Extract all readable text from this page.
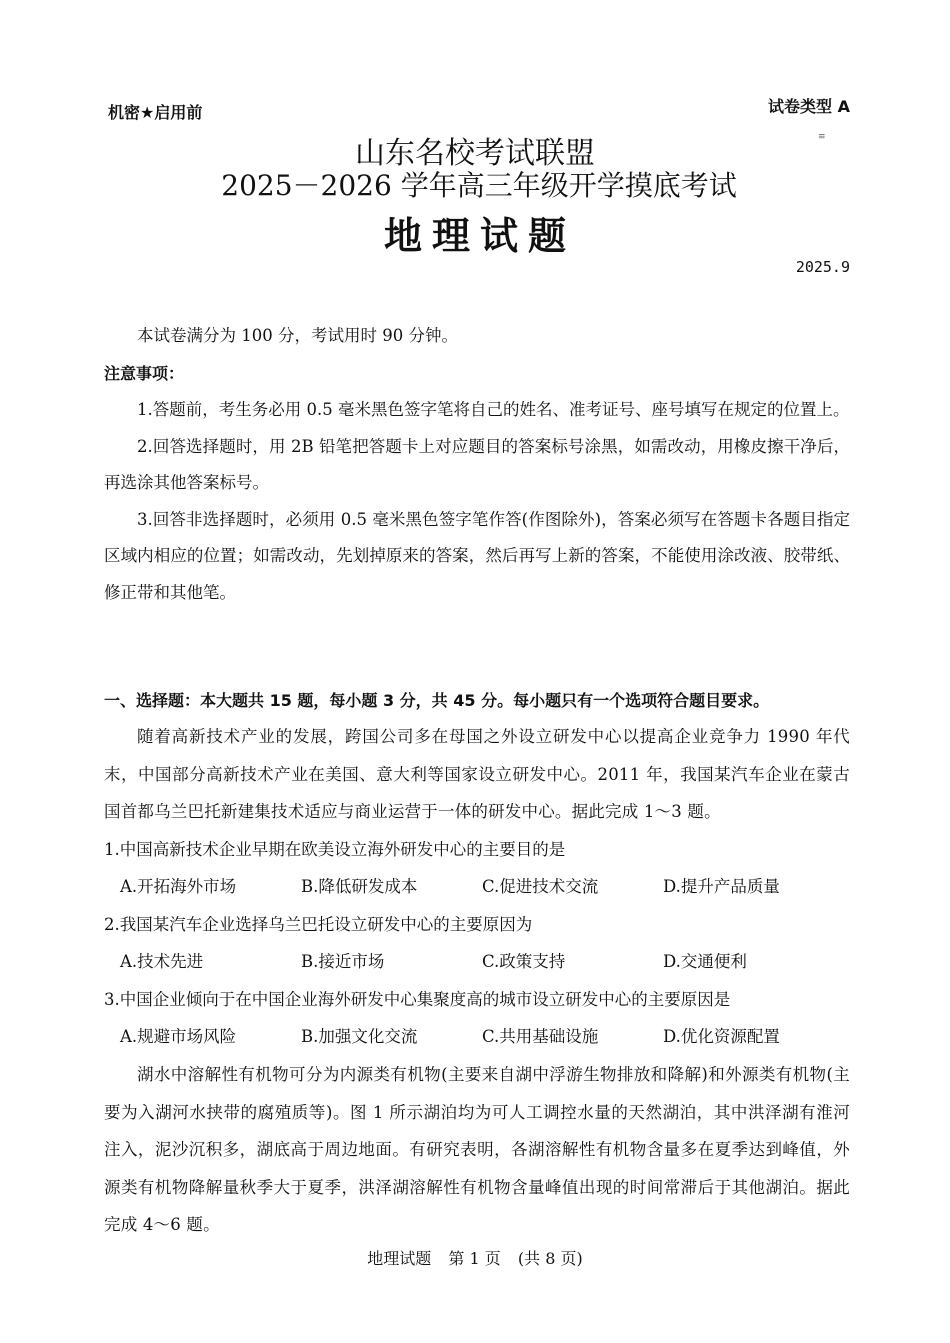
机密★启用前	试卷类型 A
≡
山东名校考试联盟
2025－2026 学年高三年级开学摸底考试
地理试题
2025.9
本试卷满分为 100 分，考试用时 90 分钟。
注意事项：

1.答题前，考生务必用 0.5 毫米黑色签字笔将自己的姓名、准考证号、座号填写在规定的位置上。

2.回答选择题时，用 2B 铅笔把答题卡上对应题目的答案标号涂黑，如需改动，用橡皮擦干净后，再选涂其他答案标号。

3.回答非选择题时，必须用 0.5 毫米黑色签字笔作答(作图除外)，答案必须写在答题卡各题目指定区域内相应的位置；如需改动，先划掉原来的答案，然后再写上新的答案，不能使用涂改液、胶带纸、修正带和其他笔。

一、选择题：本大题共 15 题，每小题 3 分，共 45 分。每小题只有一个选项符合题目要求。

随着高新技术产业的发展，跨国公司多在母国之外设立研发中心以提高企业竞争力 1990 年代末，中国部分高新技术产业在美国、意大利等国家设立研发中心。2011 年，我国某汽车企业在蒙古国首都乌兰巴托新建集技术适应与商业运营于一体的研发中心。据此完成 1～3 题。

1.中国高新技术企业早期在欧美设立海外研发中心的主要目的是

A.开拓海外市场	B.降低研发成本	C.促进技术交流	D.提升产品质量

2.我国某汽车企业选择乌兰巴托设立研发中心的主要原因为

A.技术先进	B.接近市场	C.政策支持	D.交通便利

3.中国企业倾向于在中国企业海外研发中心集聚度高的城市设立研发中心的主要原因是

A.规避市场风险	B.加强文化交流	C.共用基础设施	D.优化资源配置

湖水中溶解性有机物可分为内源类有机物(主要来自湖中浮游生物排放和降解)和外源类有机物(主要为入湖河水挟带的腐殖质等)。图 1 所示湖泊均为可人工调控水量的天然湖泊，其中洪泽湖有淮河注入，泥沙沉积多，湖底高于周边地面。有研究表明，各湖溶解性有机物含量多在夏季达到峰值，外源类有机物降解量秋季大于夏季，洪泽湖溶解性有机物含量峰值出现的时间常滞后于其他湖泊。据此完成 4～6 题。

地理试题 第 1 页 (共 8 页)
